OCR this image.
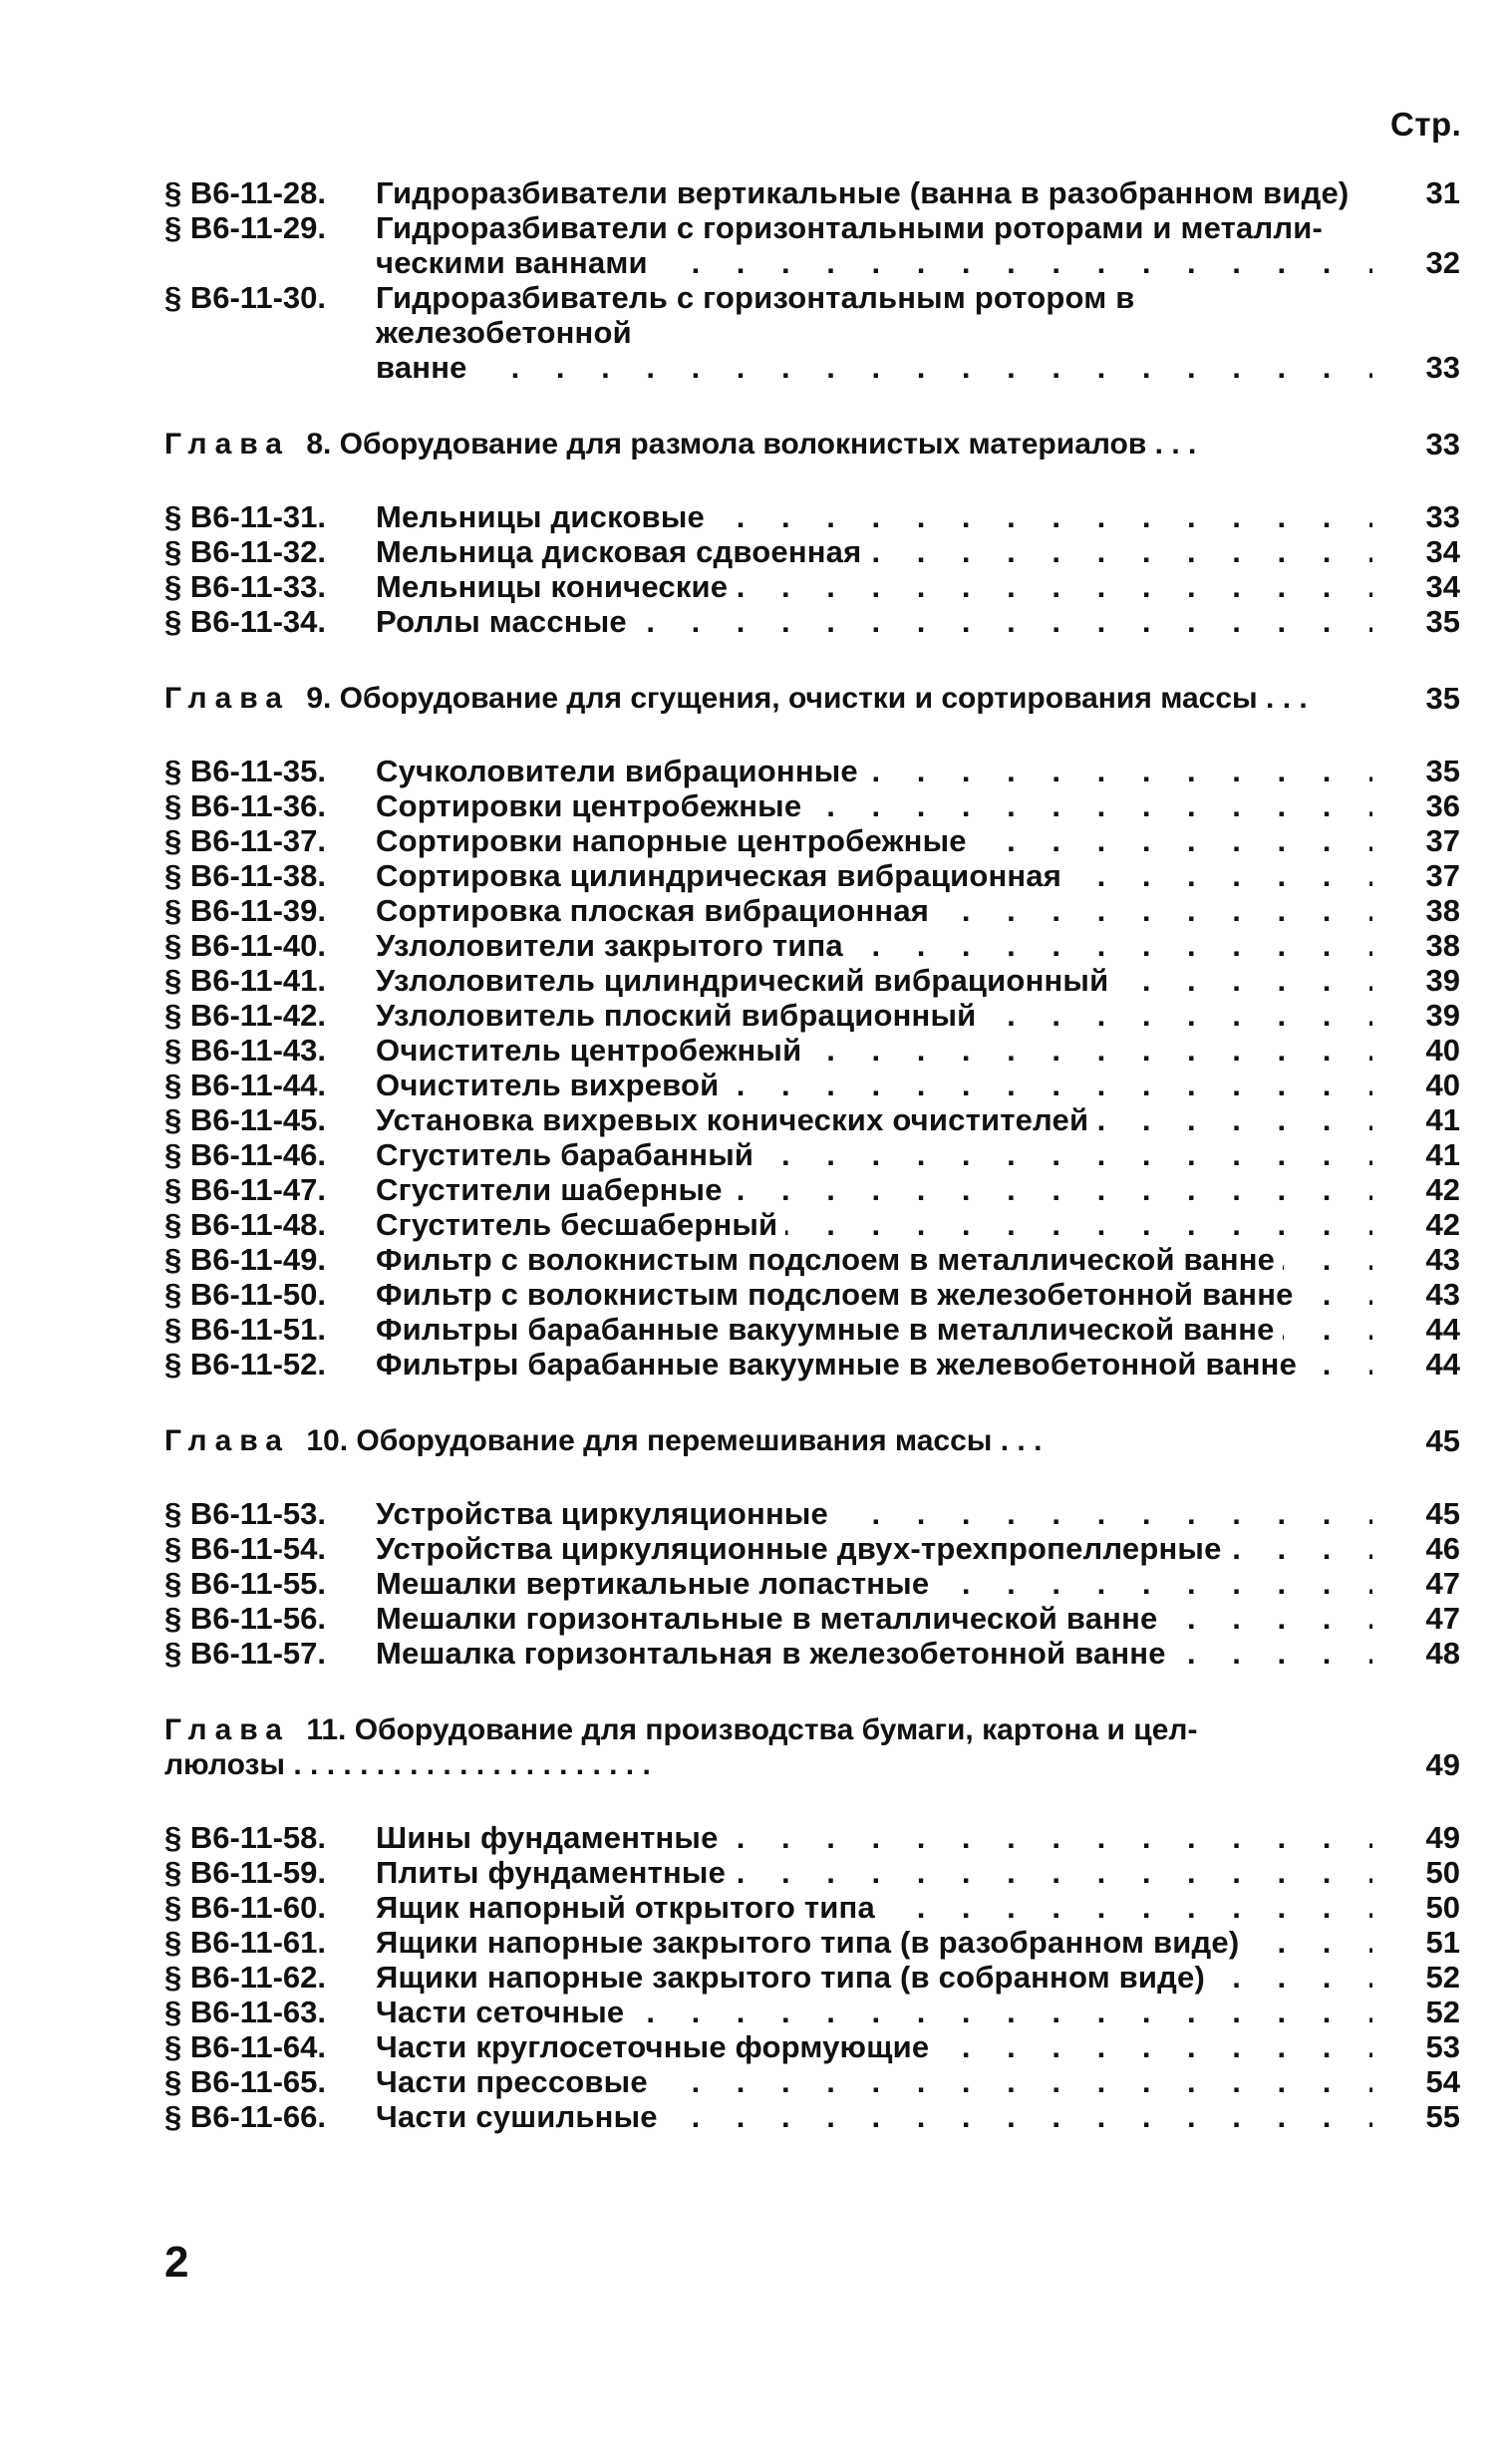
Стр.
§ В6-11-28. Гидроразбиватели вертикальные (ванна в разобранном виде)	31
§ В6-11-29. Гидроразбиватели с горизонтальными роторами и металли-
ческими ваннами . . .	32
§ В6-11-30. Гидроразбиватель с горизонтальным ротором в железобетонной
ванне . . .	33
Глава 8. Оборудование для размола волокнистых материалов . . .	33
§ В6-11-31. Мельницы дисковые . . .	33
§ В6-11-32. Мельница дисковая сдвоенная . . .	34
§ В6-11-33. Мельницы конические . . .	34
§ В6-11-34. Роллы массные . . .	35
Глава 9. Оборудование для сгущения, очистки и сортирования массы . . .	35
§ В6-11-35. Сучколовители вибрационные . . .	35
§ В6-11-36. Сортировки центробежные . . .	36
§ В6-11-37. Сортировки напорные центробежные . . .	37
§ В6-11-38. Сортировка цилиндрическая вибрационная . . .	37
§ В6-11-39. Сортировка плоская вибрационная . . .	38
§ В6-11-40. Узлоловители закрытого типа . . .	38
§ В6-11-41. Узлоловитель цилиндрический вибрационный . . .	39
§ В6-11-42. Узлоловитель плоский вибрационный . . .	39
§ В6-11-43. Очиститель центробежный . . .	40
§ В6-11-44. Очиститель вихревой . . .	40
§ В6-11-45. Установка вихревых конических очистителей . . .	41
§ В6-11-46. Сгуститель барабанный . . .	41
§ В6-11-47. Сгустители шаберные . . .	42
§ В6-11-48. Сгуститель бесшаберный . . .	42
§ В6-11-49. Фильтр с волокнистым подслоем в металлической ванне . . .	43
§ В6-11-50. Фильтр с волокнистым подслоем в железобетонной ванне . . .	43
§ В6-11-51. Фильтры барабанные вакуумные в металлической ванне . . .	44
§ В6-11-52. Фильтры барабанные вакуумные в желевобетонной ванне . . .	44
Глава 10. Оборудование для перемешивания массы . . .	45
§ В6-11-53. Устройства циркуляционные . . .	45
§ В6-11-54. Устройства циркуляционные двух-трехпропеллерные . . .	46
§ В6-11-55. Мешалки вертикальные лопастные . . .	47
§ В6-11-56. Мешалки горизонтальные в металлической ванне . . .	47
§ В6-11-57. Мешалка горизонтальная в железобетонной ванне . . .	48
Глава 11. Оборудование для производства бумаги, картона и цел-
люлозы . . . . . . . . . . . . . . . . . . . . . .	49
§ В6-11-58. Шины фундаментные . . .	49
§ В6-11-59. Плиты фундаментные . . .	50
§ В6-11-60. Ящик напорный открытого типа . . .	50
§ В6-11-61. Ящики напорные закрытого типа (в разобранном виде) . . .	51
§ В6-11-62. Ящики напорные закрытого типа (в собранном виде) . . .	52
§ В6-11-63. Части сеточные . . .	52
§ В6-11-64. Части круглосеточные формующие . . .	53
§ В6-11-65. Части прессовые . . .	54
§ В6-11-66. Части сушильные . . .	55
2
